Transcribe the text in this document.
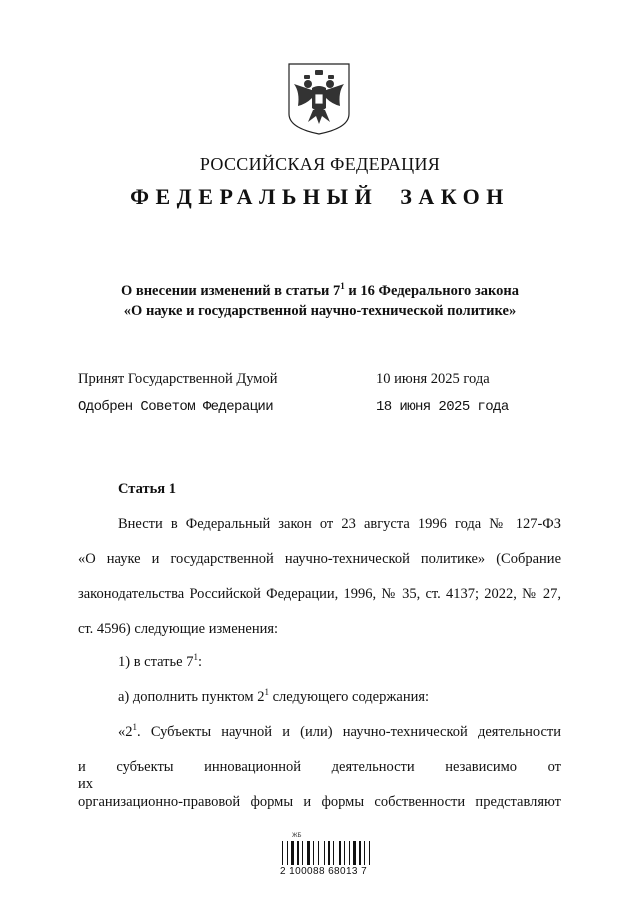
РОССИЙСКАЯ ФЕДЕРАЦИЯ
ФЕДЕРАЛЬНЫЙ ЗАКОН
О внесении изменений в статьи $7^1$ и 16 Федерального закона
«О науке и государственной научно-технической политике»
Принят Государственной Думой	10 июня 2025 года
Одобрен Советом Федерации	18 июня 2025 года
Статья 1
Внести в Федеральный закон от 23 августа 1996 года № 127-ФЗ
«О науке и государственной научно-технической политике» (Собрание
законодательства Российской Федерации, 1996, № 35, ст. 4137; 2022, № 27,
ст. 4596) следующие изменения:
1) в статье $7^1$:
а) дополнить пунктом $2^1$ следующего содержания:
«$2^1$. Субъекты научной и (или) научно-технической деятельности
и субъекты инновационной деятельности независимо от их
организационно-правовой формы и формы собственности представляют
ЖБ
2 100088 68013 7
